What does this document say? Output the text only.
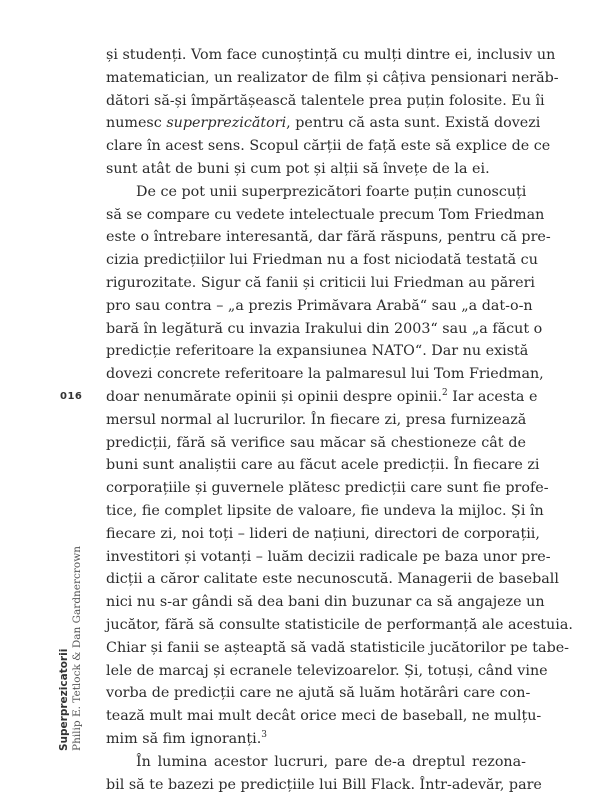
și studenți. Vom face cunoștință cu mulți dintre ei, inclusiv un
matematician, un realizator de film și câțiva pensionari nerăb-
dători să-și împărtășească talentele prea puțin folosite. Eu îi
numesc superprezicători, pentru că asta sunt. Există dovezi
clare în acest sens. Scopul cărții de față este să explice de ce
sunt atât de buni și cum pot și alții să învețe de la ei.
De ce pot unii superprezicători foarte puțin cunoscuți
să se compare cu vedete intelectuale precum Tom Friedman
este o întrebare interesantă, dar fără răspuns, pentru că pre-
cizia predicțiilor lui Friedman nu a fost niciodată testată cu
rigurozitate. Sigur că fanii și criticii lui Friedman au păreri
pro sau contra – „a prezis Primăvara Arabă“ sau „a dat-o-n
bară în legătură cu invazia Irakului din 2003“ sau „a făcut o
predicție referitoare la expansiunea NATO“. Dar nu există
dovezi concrete referitoare la palmaresul lui Tom Friedman,
doar nenumărate opinii și opinii despre opinii.$^2$ Iar acesta e
mersul normal al lucrurilor. În fiecare zi, presa furnizează
predicții, fără să verifice sau măcar să chestioneze cât de
buni sunt analiștii care au făcut acele predicții. În fiecare zi
corporațiile și guvernele plătesc predicții care sunt fie profe-
tice, fie complet lipsite de valoare, fie undeva la mijloc. Și în
fiecare zi, noi toți – lideri de națiuni, directori de corporații,
investitori și votanți – luăm decizii radicale pe baza unor pre-
dicții a căror calitate este necunoscută. Managerii de baseball
nici nu s-ar gândi să dea bani din buzunar ca să angajeze un
jucător, fără să consulte statisticile de performanță ale acestuia.
Chiar și fanii se așteaptă să vadă statisticile jucătorilor pe tabe-
lele de marcaj și ecranele televizoarelor. Și, totuși, când vine
vorba de predicții care ne ajută să luăm hotărâri care con-
tează mult mai mult decât orice meci de baseball, ne mulțu-
mim să fim ignoranți.$^3$
În lumina acestor lucruri, pare de-a dreptul rezona-
bil să te bazezi pe predicțiile lui Bill Flack. Într-adevăr, pare
016
Superprezicatorii Philip E. Tetlock & Dan Gardnercrown
